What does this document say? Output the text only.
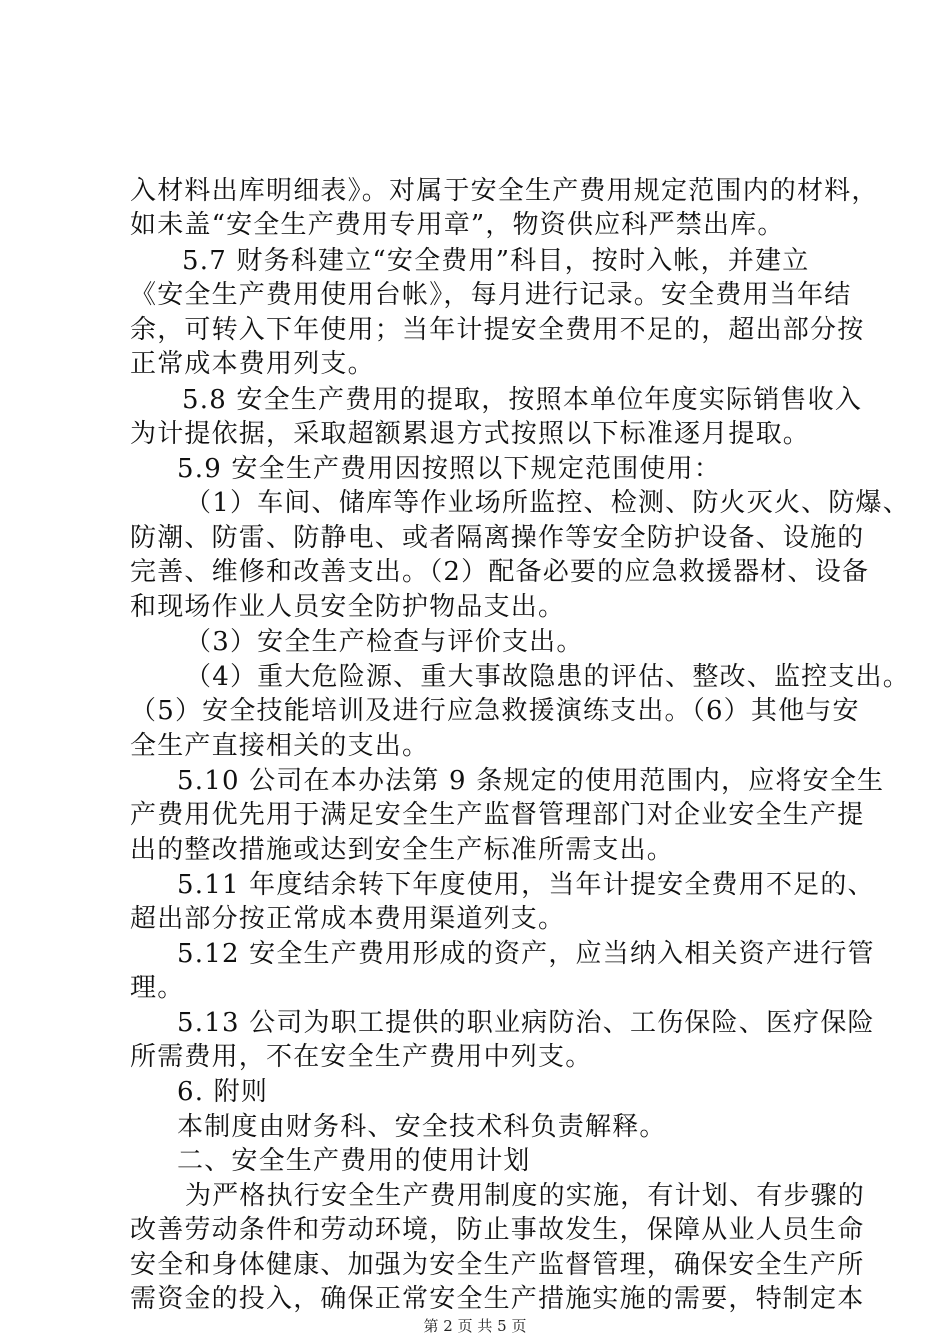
入材料出库明细表》。对属于安全生产费用规定范围内的材料，
如未盖“安全生产费用专用章”，物资供应科严禁出库。
5.7 财务科建立“安全费用”科目，按时入帐，并建立
《安全生产费用使用台帐》，每月进行记录。安全费用当年结
余，可转入下年使用；当年计提安全费用不足的，超出部分按
正常成本费用列支。
5.8 安全生产费用的提取，按照本单位年度实际销售收入
为计提依据，采取超额累退方式按照以下标准逐月提取。
5.9 安全生产费用因按照以下规定范围使用：
（1）车间、储库等作业场所监控、检测、防火灭火、防爆、
防潮、防雷、防静电、或者隔离操作等安全防护设备、设施的
完善、维修和改善支出。（2）配备必要的应急救援器材、设备
和现场作业人员安全防护物品支出。
（3）安全生产检查与评价支出。
（4）重大危险源、重大事故隐患的评估、整改、监控支出。
（5）安全技能培训及进行应急救援演练支出。（6）其他与安
全生产直接相关的支出。
5.10 公司在本办法第 9 条规定的使用范围内，应将安全生
产费用优先用于满足安全生产监督管理部门对企业安全生产提
出的整改措施或达到安全生产标准所需支出。
5.11 年度结余转下年度使用，当年计提安全费用不足的、
超出部分按正常成本费用渠道列支。
5.12 安全生产费用形成的资产，应当纳入相关资产进行管
理。
5.13 公司为职工提供的职业病防治、工伤保险、医疗保险
所需费用，不在安全生产费用中列支。
6. 附则
本制度由财务科、安全技术科负责解释。
二、安全生产费用的使用计划
为严格执行安全生产费用制度的实施，有计划、有步骤的
改善劳动条件和劳动环境，防止事故发生，保障从业人员生命
安全和身体健康、加强为安全生产监督管理，确保安全生产所
需资金的投入，确保正常安全生产措施实施的需要，特制定本
第 2 页 共 5 页
